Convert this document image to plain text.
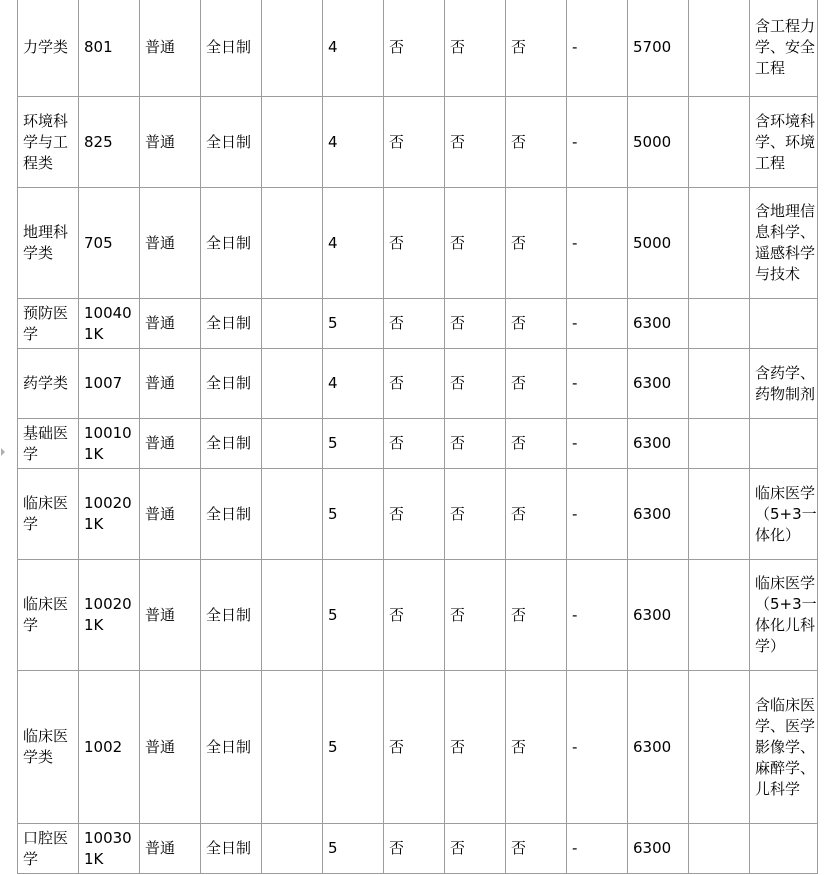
力学类	801	普通	全日制		4	否	否	否	-	5700		含工程力学、安全工程
环境科学与工程类	825	普通	全日制		4	否	否	否	-	5000		含环境科学、环境工程
地理科学类	705	普通	全日制		4	否	否	否	-	5000		含地理信息科学、遥感科学与技术
预防医学	100401K	普通	全日制		5	否	否	否	-	6300		
药学类	1007	普通	全日制		4	否	否	否	-	6300		含药学、药物制剂
基础医学	100101K	普通	全日制		5	否	否	否	-	6300		
临床医学	100201K	普通	全日制		5	否	否	否	-	6300		临床医学（5+3一体化）
临床医学	100201K	普通	全日制		5	否	否	否	-	6300		临床医学（5+3一体化儿科学）
临床医学类	1002	普通	全日制		5	否	否	否	-	6300		含临床医学、医学影像学、麻醉学、儿科学
口腔医学	100301K	普通	全日制		5	否	否	否	-	6300		
